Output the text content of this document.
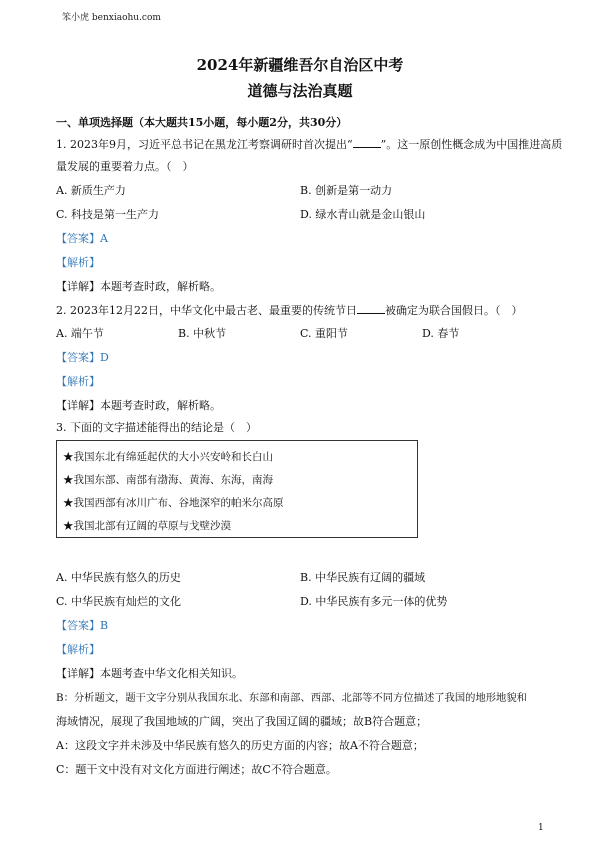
笨小虎 benxiaohu.com
2024年新疆维吾尔自治区中考
道德与法治真题
一、单项选择题（本大题共15小题，每小题2分，共30分）
1. 2023年9月，习近平总书记在黑龙江考察调研时首次提出“	”。这一原创性概念成为中国推进高质
量发展的重要着力点。（　）
A. 新质生产力	B. 创新是第一动力
C. 科技是第一生产力	D. 绿水青山就是金山银山
【答案】A
【解析】
【详解】本题考查时政，解析略。
2. 2023年12月22日，中华文化中最古老、最重要的传统节日	被确定为联合国假日。（　）
A. 端午节	B. 中秋节	C. 重阳节	D. 春节
【答案】D
【解析】
【详解】本题考查时政，解析略。
3. 下面的文字描述能得出的结论是（　）
★我国东北有绵延起伏的大小兴安岭和长白山
★我国东部、南部有渤海、黄海、东海，南海
★我国西部有冰川广布、谷地深窄的帕米尔高原
★我国北部有辽阔的草原与戈壁沙漠
A. 中华民族有悠久的历史	B. 中华民族有辽阔的疆域
C. 中华民族有灿烂的文化	D. 中华民族有多元一体的优势
【答案】B
【解析】
【详解】本题考查中华文化相关知识。
B：分析题文，题干文字分别从我国东北、东部和南部、西部、北部等不同方位描述了我国的地形地貌和
海域情况，展现了我国地域的广阔，突出了我国辽阔的疆域；故B符合题意；
A：这段文字并未涉及中华民族有悠久的历史方面的内容；故A不符合题意；
C：题干文中没有对文化方面进行阐述；故C不符合题意。
1
